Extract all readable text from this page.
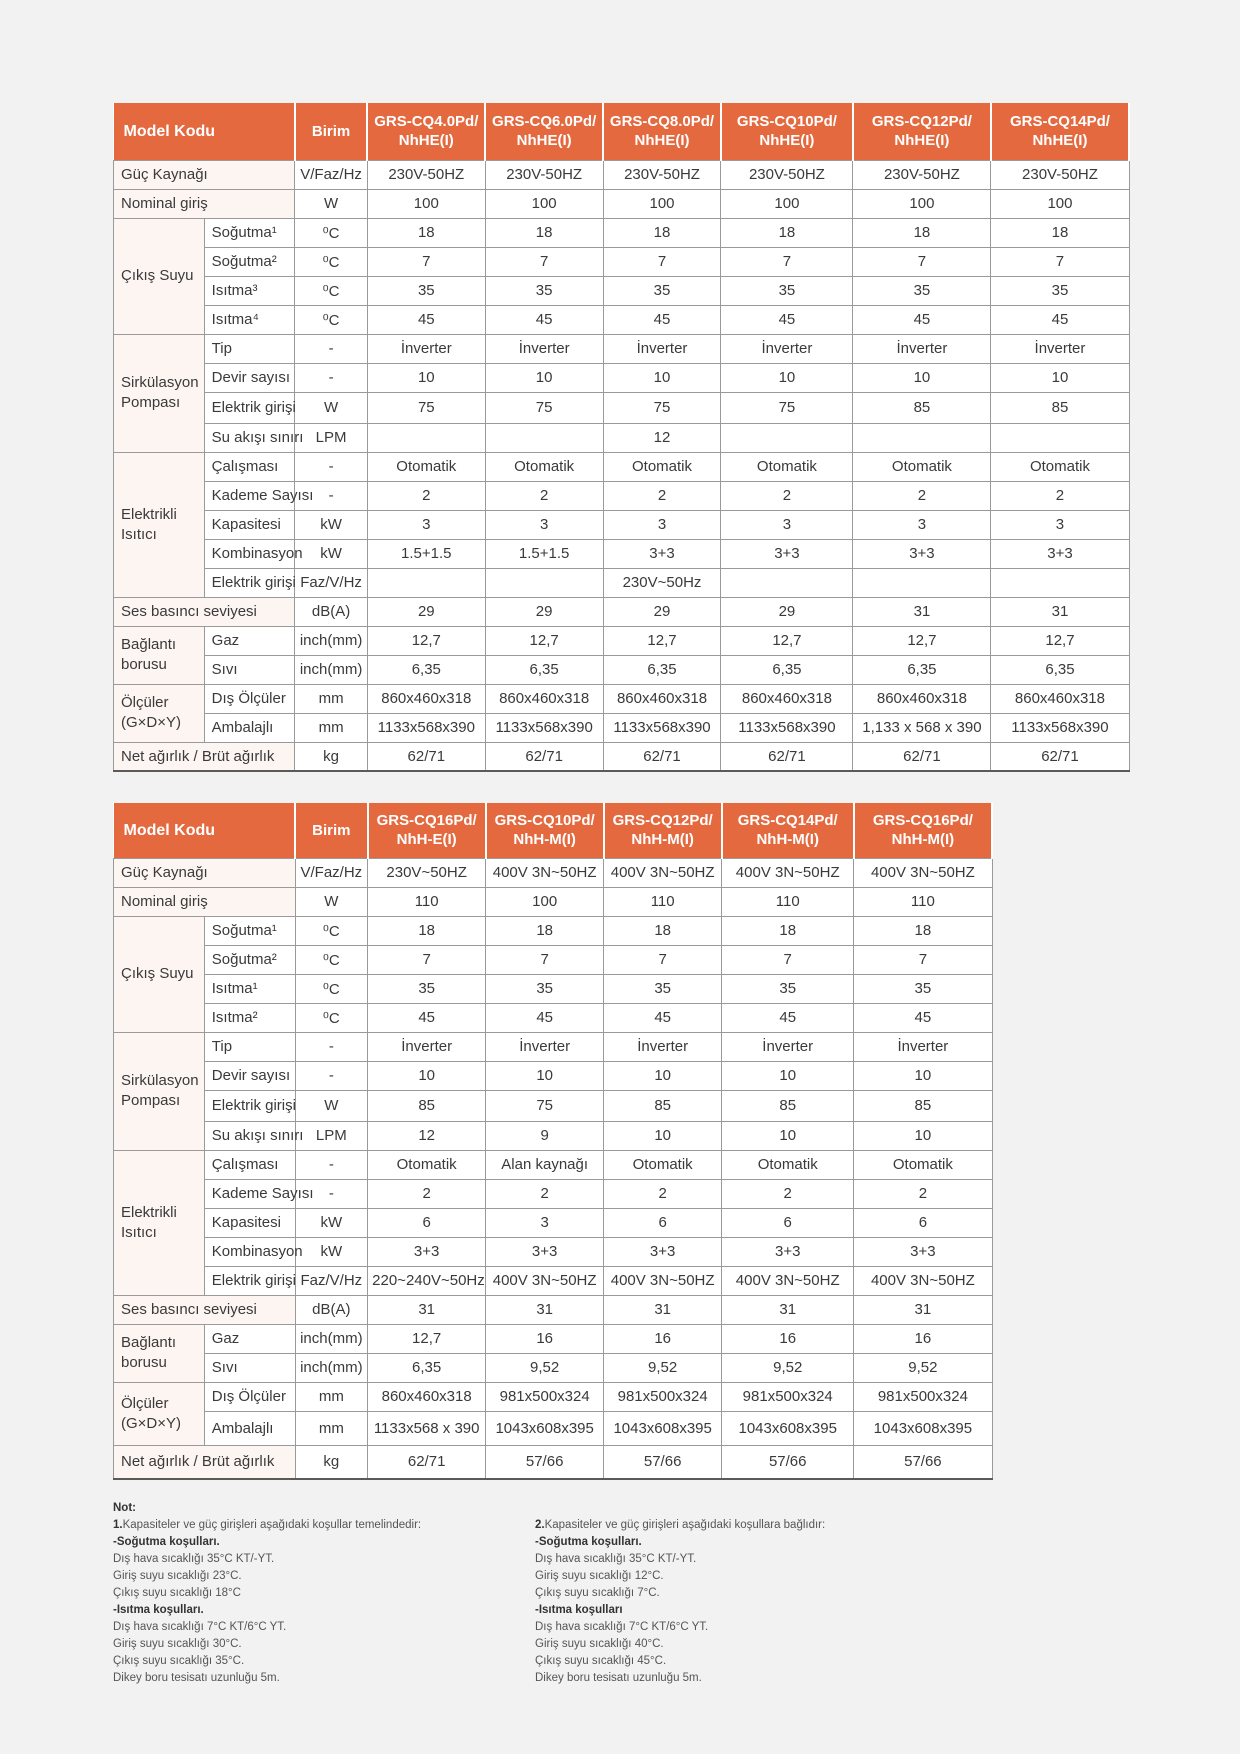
Model Kodu		Birim	GRS-CQ4.0Pd/ NhHE(I)	GRS-CQ6.0Pd/ NhHE(I)	GRS-CQ8.0Pd/ NhHE(I)	GRS-CQ10Pd/ NhHE(I)	GRS-CQ12Pd/ NhHE(I)	GRS-CQ14Pd/ NhHE(I)
Güç Kaynağı		V/Faz/Hz	230V-50HZ	230V-50HZ	230V-50HZ	230V-50HZ	230V-50HZ	230V-50HZ
Nominal giriş		W	100	100	100	100	100	100
Çıkış Suyu	Soğutma¹	⁰C	18	18	18	18	18	18
	Soğutma²	⁰C	7	7	7	7	7	7
	Isıtma³	⁰C	35	35	35	35	35	35
	Isıtma⁴	⁰C	45	45	45	45	45	45
Sirkülasyon Pompası	Tip	-	İnverter	İnverter	İnverter	İnverter	İnverter	İnverter
	Devir sayısı	-	10	10	10	10	10	10
	Elektrik girişi	W	75	75	75	75	85	85
	Su akışı sınırı	LPM			12			
Elektrikli Isıtıcı	Çalışması	-	Otomatik	Otomatik	Otomatik	Otomatik	Otomatik	Otomatik
	Kademe Sayısı	-	2	2	2	2	2	2
	Kapasitesi	kW	3	3	3	3	3	3
	Kombinasyon	kW	1.5+1.5	1.5+1.5	3+3	3+3	3+3	3+3
	Elektrik girişi	Faz/V/Hz			230V~50Hz			
Ses basıncı seviyesi		dB(A)	29	29	29	29	31	31
Bağlantı borusu	Gaz	inch(mm)	12,7	12,7	12,7	12,7	12,7	12,7
	Sıvı	inch(mm)	6,35	6,35	6,35	6,35	6,35	6,35
Ölçüler (G×D×Y)	Dış Ölçüler	mm	860x460x318	860x460x318	860x460x318	860x460x318	860x460x318	860x460x318
	Ambalajlı	mm	1133x568x390	1133x568x390	1133x568x390	1133x568x390	1,133 x 568 x 390	1133x568x390
Net ağırlık / Brüt ağırlık		kg	62/71	62/71	62/71	62/71	62/71	62/71
Model Kodu		Birim	GRS-CQ16Pd/ NhH-E(I)	GRS-CQ10Pd/ NhH-M(I)	GRS-CQ12Pd/ NhH-M(I)	GRS-CQ14Pd/ NhH-M(I)	GRS-CQ16Pd/ NhH-M(I)
Güç Kaynağı		V/Faz/Hz	230V~50HZ	400V 3N~50HZ	400V 3N~50HZ	400V 3N~50HZ	400V 3N~50HZ
Nominal giriş		W	110	100	110	110	110
Çıkış Suyu	Soğutma¹	⁰C	18	18	18	18	18
	Soğutma²	⁰C	7	7	7	7	7
	Isıtma¹	⁰C	35	35	35	35	35
	Isıtma²	⁰C	45	45	45	45	45
Sirkülasyon Pompası	Tip	-	İnverter	İnverter	İnverter	İnverter	İnverter
	Devir sayısı	-	10	10	10	10	10
	Elektrik girişi	W	85	75	85	85	85
	Su akışı sınırı	LPM	12	9	10	10	10
Elektrikli Isıtıcı	Çalışması	-	Otomatik	Alan kaynağı	Otomatik	Otomatik	Otomatik
	Kademe Sayısı	-	2	2	2	2	2
	Kapasitesi	kW	6	3	6	6	6
	Kombinasyon	kW	3+3	3+3	3+3	3+3	3+3
	Elektrik girişi	Faz/V/Hz	220~240V~50Hz	400V 3N~50HZ	400V 3N~50HZ	400V 3N~50HZ	400V 3N~50HZ
Ses basıncı seviyesi		dB(A)	31	31	31	31	31
Bağlantı borusu	Gaz	inch(mm)	12,7	16	16	16	16
	Sıvı	inch(mm)	6,35	9,52	9,52	9,52	9,52
Ölçüler (G×D×Y)	Dış Ölçüler	mm	860x460x318	981x500x324	981x500x324	981x500x324	981x500x324
	Ambalajlı	mm	1133x568 x 390	1043x608x395	1043x608x395	1043x608x395	1043x608x395
Net ağırlık / Brüt ağırlık		kg	62/71	57/66	57/66	57/66	57/66
Not:
1.Kapasiteler ve güç girişleri aşağıdaki koşullar temelindedir:
-Soğutma koşulları.
Dış hava sıcaklığı 35°C KT/-YT.
Giriş suyu sıcaklığı 23°C.
Çıkış suyu sıcaklığı 18°C
-Isıtma koşulları.
Dış hava sıcaklığı 7°C KT/6°C YT.
Giriş suyu sıcaklığı 30°C.
Çıkış suyu sıcaklığı 35°C.
Dikey boru tesisatı uzunluğu 5m.
2.Kapasiteler ve güç girişleri aşağıdaki koşullara bağlıdır:
-Soğutma koşulları.
Dış hava sıcaklığı 35°C KT/-YT.
Giriş suyu sıcaklığı 12°C.
Çıkış suyu sıcaklığı 7°C.
-Isıtma koşulları
Dış hava sıcaklığı 7°C KT/6°C YT.
Giriş suyu sıcaklığı 40°C.
Çıkış suyu sıcaklığı 45°C.
Dikey boru tesisatı uzunluğu 5m.
